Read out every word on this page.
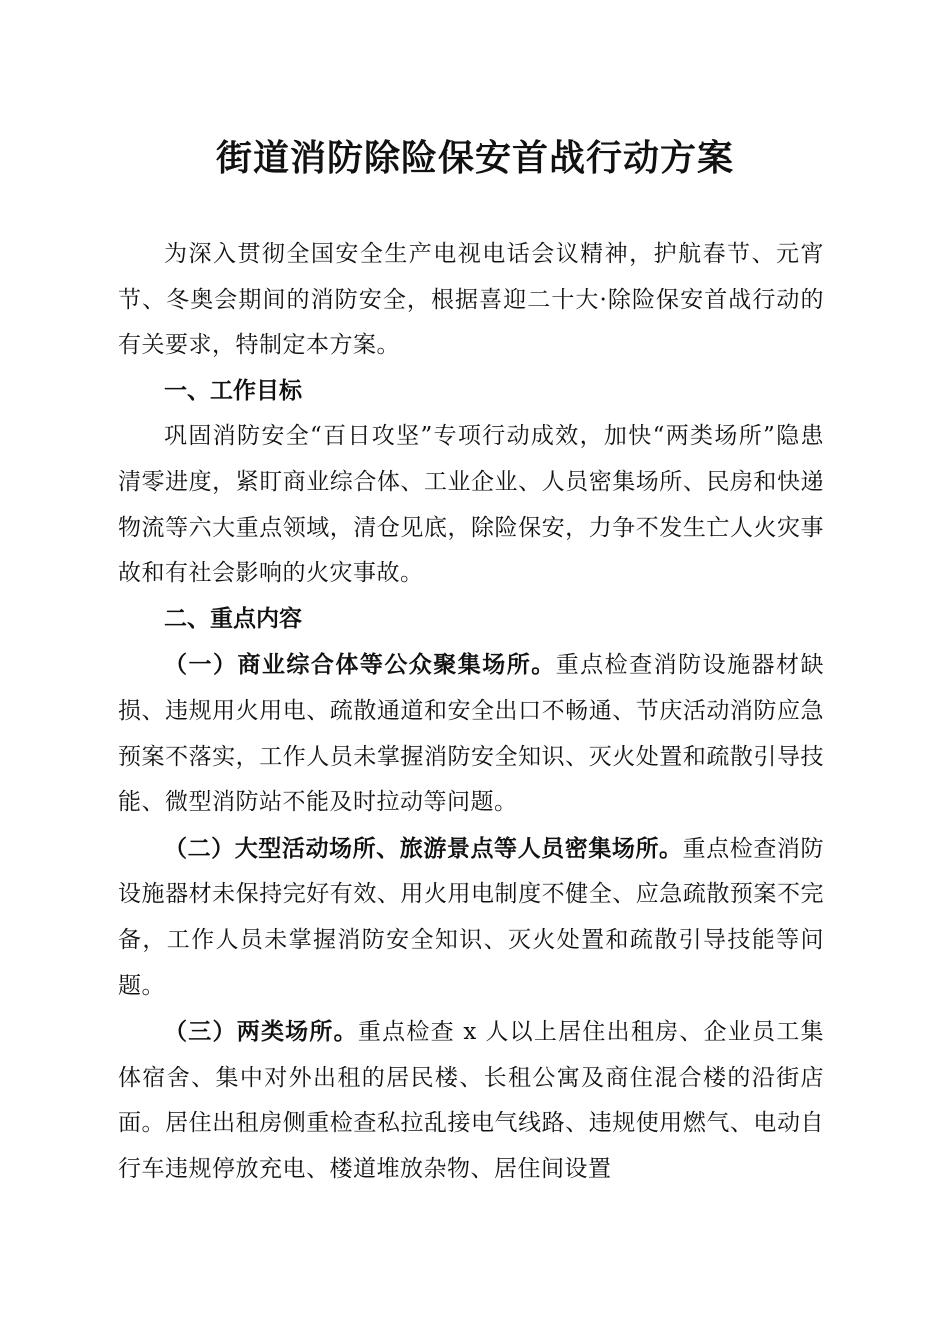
街道消防除险保安首战行动方案

为深入贯彻全国安全生产电视电话会议精神，护航春节、元宵节、冬奥会期间的消防安全，根据喜迎二十大·除险保安首战行动的有关要求，特制定本方案。

一、工作目标

巩固消防安全“百日攻坚”专项行动成效，加快“两类场所”隐患清零进度，紧盯商业综合体、工业企业、人员密集场所、民房和快递物流等六大重点领域，清仓见底，除险保安，力争不发生亡人火灾事故和有社会影响的火灾事故。

二、重点内容

（一）商业综合体等公众聚集场所。重点检查消防设施器材缺损、违规用火用电、疏散通道和安全出口不畅通、节庆活动消防应急预案不落实，工作人员未掌握消防安全知识、灭火处置和疏散引导技能、微型消防站不能及时拉动等问题。

（二）大型活动场所、旅游景点等人员密集场所。重点检查消防设施器材未保持完好有效、用火用电制度不健全、应急疏散预案不完备，工作人员未掌握消防安全知识、灭火处置和疏散引导技能等问题。

（三）两类场所。重点检查 x 人以上居住出租房、企业员工集体宿舍、集中对外出租的居民楼、长租公寓及商住混合楼的沿街店面。居住出租房侧重检查私拉乱接电气线路、违规使用燃气、电动自行车违规停放充电、楼道堆放杂物、居住间设置
